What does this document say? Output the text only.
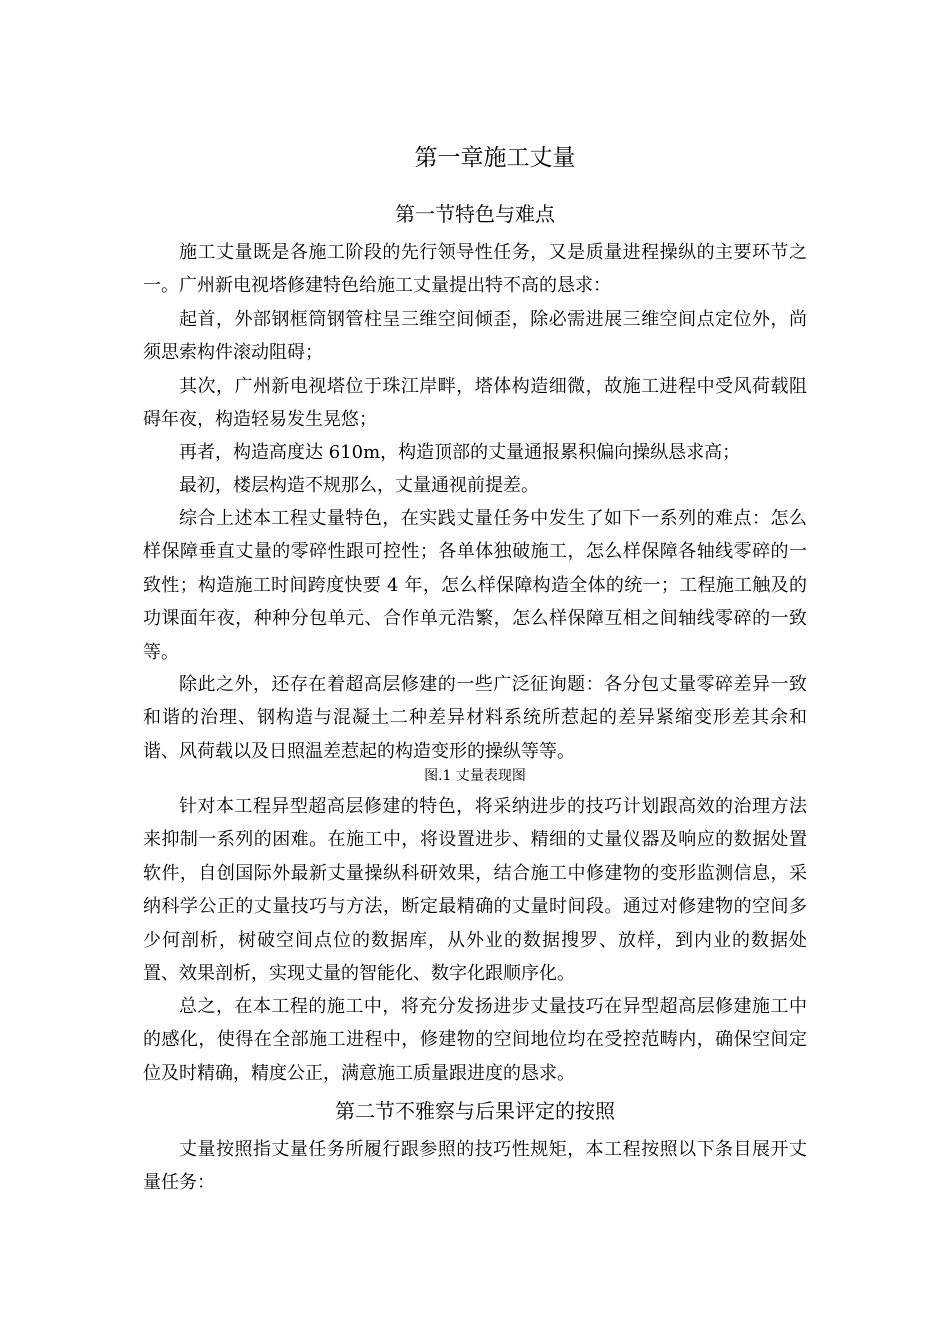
第一章施工丈量
第一节特色与难点

施工丈量既是各施工阶段的先行领导性任务，又是质量进程操纵的主要环节之一。广州新电视塔修建特色给施工丈量提出特不高的恳求：

起首，外部钢框筒钢管柱呈三维空间倾歪，除必需进展三维空间点定位外，尚须思索构件滚动阻碍；

其次，广州新电视塔位于珠江岸畔，塔体构造细微，故施工进程中受风荷载阻碍年夜，构造轻易发生晃悠；

再者，构造高度达 610m，构造顶部的丈量通报累积偏向操纵恳求高；

最初，楼层构造不规那么，丈量通视前提差。

综合上述本工程丈量特色，在实践丈量任务中发生了如下一系列的难点：怎么样保障垂直丈量的零碎性跟可控性；各单体独破施工，怎么样保障各轴线零碎的一致性；构造施工时间跨度快要 4 年，怎么样保障构造全体的统一；工程施工触及的功课面年夜，种种分包单元、合作单元浩繁，怎么样保障互相之间轴线零碎的一致等。

除此之外，还存在着超高层修建的一些广泛征询题：各分包丈量零碎差异一致和谐的治理、钢构造与混凝土二种差异材料系统所惹起的差异紧缩变形差其余和谐、风荷载以及日照温差惹起的构造变形的操纵等等。

图.1 丈量表现图

针对本工程异型超高层修建的特色，将采纳进步的技巧计划跟高效的治理方法来抑制一系列的困难。在施工中，将设置进步、精细的丈量仪器及响应的数据处置软件，自创国际外最新丈量操纵科研效果，结合施工中修建物的变形监测信息，采纳科学公正的丈量技巧与方法，断定最精确的丈量时间段。通过对修建物的空间多少何剖析，树破空间点位的数据库，从外业的数据搜罗、放样，到内业的数据处置、效果剖析，实现丈量的智能化、数字化跟顺序化。

总之，在本工程的施工中，将充分发扬进步丈量技巧在异型超高层修建施工中的感化，使得在全部施工进程中，修建物的空间地位均在受控范畴内，确保空间定位及时精确，精度公正，满意施工质量跟进度的恳求。

第二节不雅察与后果评定的按照

丈量按照指丈量任务所履行跟参照的技巧性规矩，本工程按照以下条目展开丈量任务：
